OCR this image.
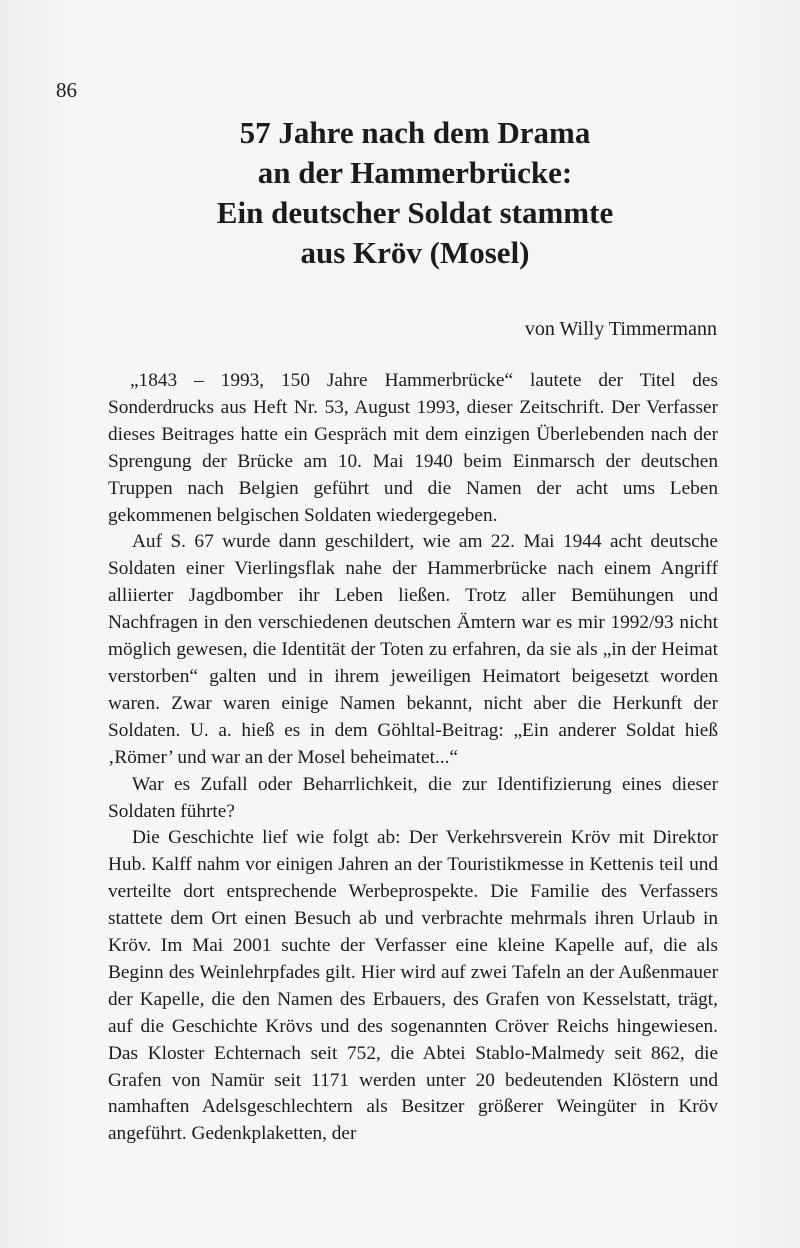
86
57 Jahre nach dem Drama
an der Hammerbrücke:
Ein deutscher Soldat stammte
aus Kröv (Mosel)
von Willy Timmermann

„1843 – 1993, 150 Jahre Hammerbrücke“ lautete der Titel des Sonderdrucks aus Heft Nr. 53, August 1993, dieser Zeitschrift. Der Verfasser dieses Beitrages hatte ein Gespräch mit dem einzigen Überlebenden nach der Sprengung der Brücke am 10. Mai 1940 beim Einmarsch der deutschen Truppen nach Belgien geführt und die Namen der acht ums Leben gekommenen belgischen Soldaten wiedergegeben.

Auf S. 67 wurde dann geschildert, wie am 22. Mai 1944 acht deutsche Soldaten einer Vierlingsflak nahe der Hammerbrücke nach einem Angriff alliierter Jagdbomber ihr Leben ließen. Trotz aller Bemühungen und Nachfragen in den verschiedenen deutschen Ämtern war es mir 1992/93 nicht möglich gewesen, die Identität der Toten zu erfahren, da sie als „in der Heimat verstorben“ galten und in ihrem jeweiligen Heimatort beigesetzt worden waren. Zwar waren einige Namen bekannt, nicht aber die Herkunft der Soldaten. U. a. hieß es in dem Göhltal-Beitrag: „Ein anderer Soldat hieß ‚Römer’ und war an der Mosel beheimatet...“

War es Zufall oder Beharrlichkeit, die zur Identifizierung eines dieser Soldaten führte?

Die Geschichte lief wie folgt ab: Der Verkehrsverein Kröv mit Direktor Hub. Kalff nahm vor einigen Jahren an der Touristikmesse in Kettenis teil und verteilte dort entsprechende Werbeprospekte. Die Familie des Verfassers stattete dem Ort einen Besuch ab und verbrachte mehrmals ihren Urlaub in Kröv. Im Mai 2001 suchte der Verfasser eine kleine Kapelle auf, die als Beginn des Weinlehrpfades gilt. Hier wird auf zwei Tafeln an der Außenmauer der Kapelle, die den Namen des Erbauers, des Grafen von Kesselstatt, trägt, auf die Geschichte Krövs und des sogenannten Cröver Reichs hingewiesen. Das Kloster Echternach seit 752, die Abtei Stablo-Malmedy seit 862, die Grafen von Namür seit 1171 werden unter 20 bedeutenden Klöstern und namhaften Adelsgeschlechtern als Besitzer größerer Weingüter in Kröv angeführt. Gedenkplaketten, der
